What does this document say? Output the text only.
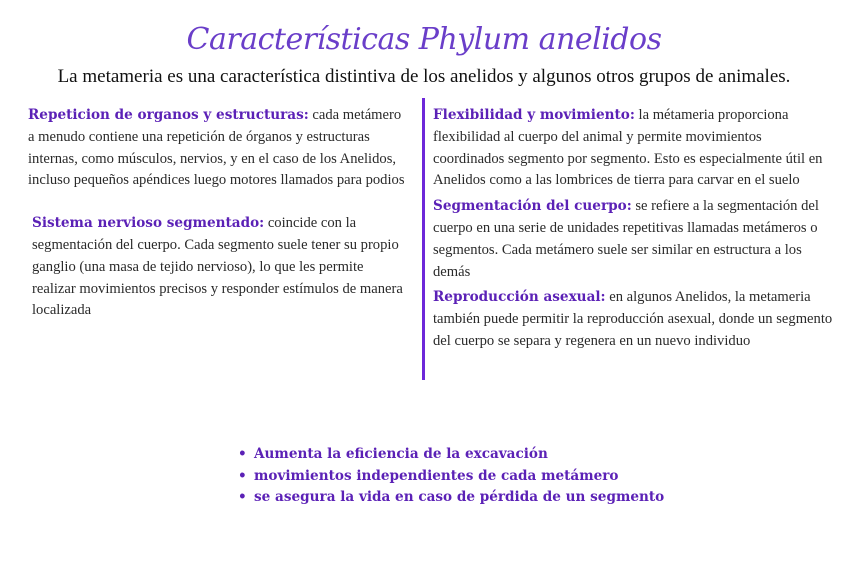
Características Phylum anelidos

La metameria es una característica distintiva de los anelidos y algunos otros grupos de animales.

Repeticion de organos y estructuras: cada metámero a menudo contiene una repetición de órganos y estructuras internas, como músculos, nervios, y en el caso de los Anelidos, incluso pequeños apéndices luego motores llamados para podios

Sistema nervioso segmentado: coincide con la segmentación del cuerpo. Cada segmento suele tener su propio ganglio (una masa de tejido nervioso), lo que les permite realizar movimientos precisos y responder estímulos de manera localizada

Flexibilidad y movimiento: la métameria proporciona flexibilidad al cuerpo del animal y permite movimientos coordinados segmento por segmento. Esto es especialmente útil en Anelidos como a las lombrices de tierra para carvar en el suelo

Segmentación del cuerpo: se refiere a la segmentación del cuerpo en una serie de unidades repetitivas llamadas metámeros o segmentos. Cada metámero suele ser similar en estructura a los demás

Reproducción asexual: en algunos Anelidos, la metameria también puede permitir la reproducción asexual, donde un segmento del cuerpo se separa y regenera en un nuevo individuo

• Aumenta la eficiencia de la excavación
• movimientos independientes de cada metámero
• se asegura la vida en caso de pérdida de un segmento
